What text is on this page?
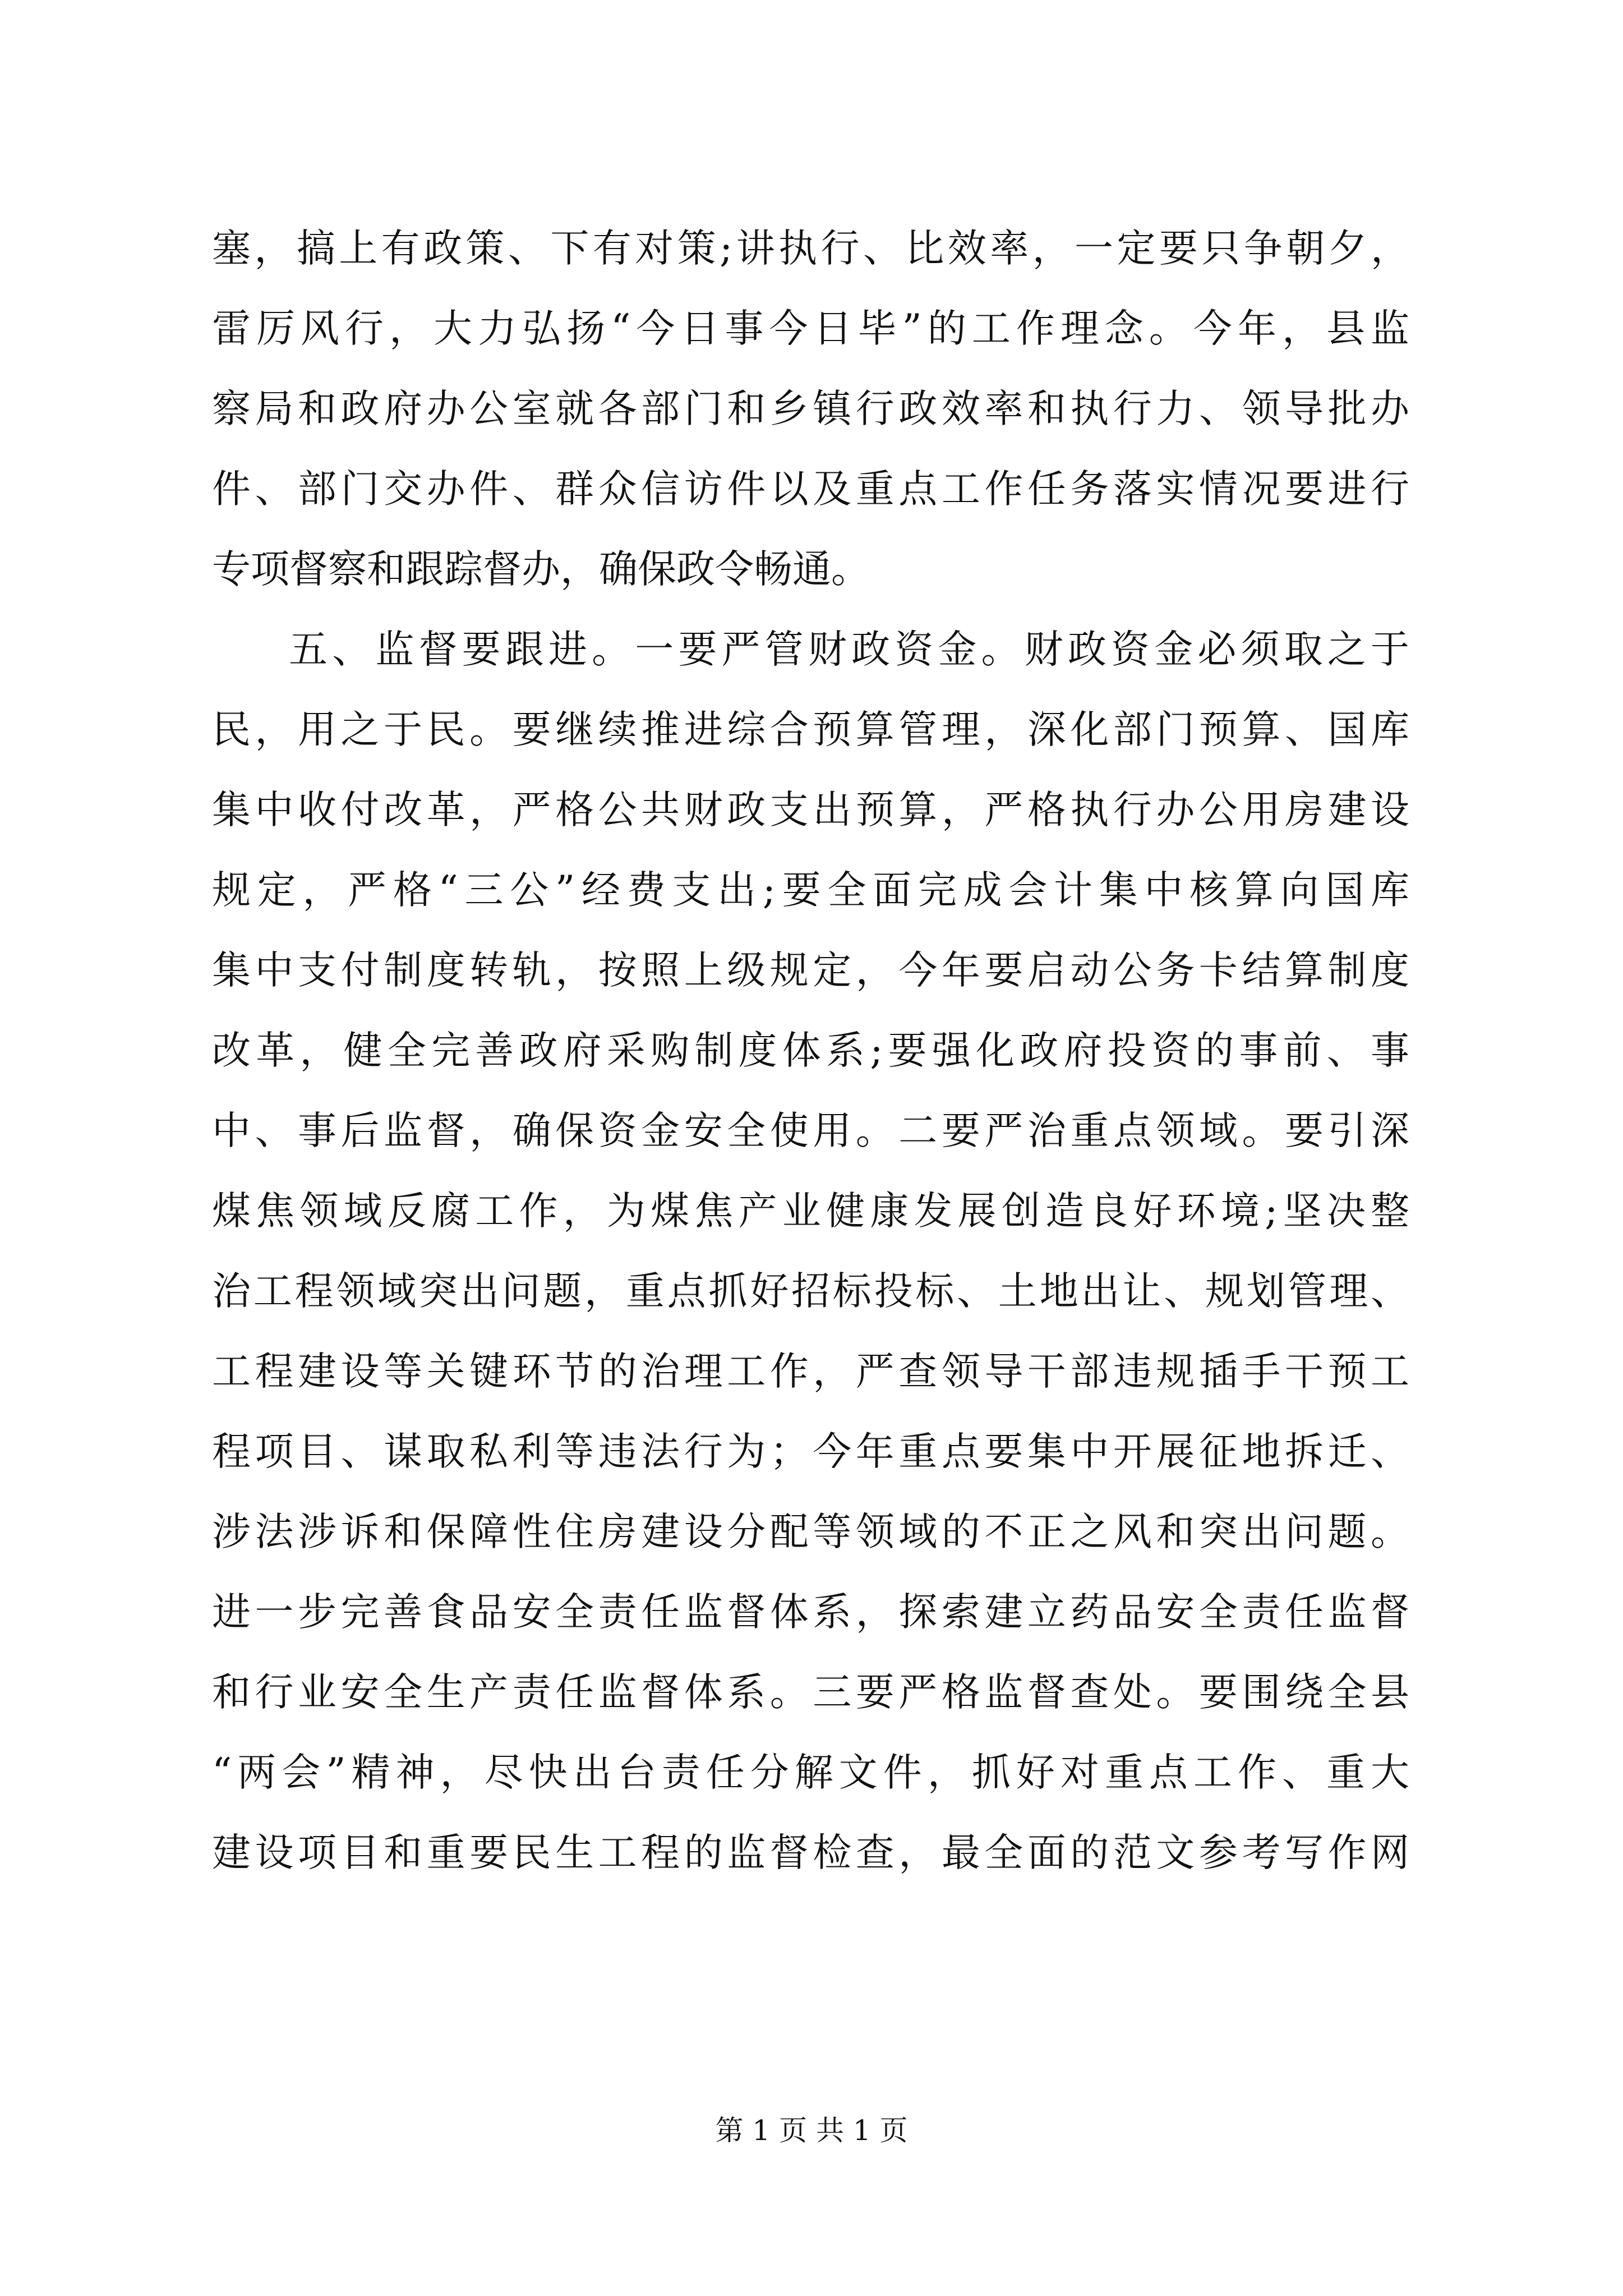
塞，搞上有政策、下有对策;讲执行、比效率，一定要只争朝夕，
雷厉风行，大力弘扬“今日事今日毕”的工作理念。今年，县监
察局和政府办公室就各部门和乡镇行政效率和执行力、领导批办
件、部门交办件、群众信访件以及重点工作任务落实情况要进行
专项督察和跟踪督办，确保政令畅通。
五、监督要跟进。一要严管财政资金。财政资金必须取之于
民，用之于民。要继续推进综合预算管理，深化部门预算、国库
集中收付改革，严格公共财政支出预算，严格执行办公用房建设
规定，严格“三公”经费支出;要全面完成会计集中核算向国库
集中支付制度转轨，按照上级规定，今年要启动公务卡结算制度
改革，健全完善政府采购制度体系;要强化政府投资的事前、事
中、事后监督，确保资金安全使用。二要严治重点领域。要引深
煤焦领域反腐工作，为煤焦产业健康发展创造良好环境;坚决整
治工程领域突出问题，重点抓好招标投标、土地出让、规划管理、
工程建设等关键环节的治理工作，严查领导干部违规插手干预工
程项目、谋取私利等违法行为；今年重点要集中开展征地拆迁、
涉法涉诉和保障性住房建设分配等领域的不正之风和突出问题。
进一步完善食品安全责任监督体系，探索建立药品安全责任监督
和行业安全生产责任监督体系。三要严格监督查处。要围绕全县
“两会”精神，尽快出台责任分解文件，抓好对重点工作、重大
建设项目和重要民生工程的监督检查，最全面的范文参考写作网
第 1 页 共 1 页
